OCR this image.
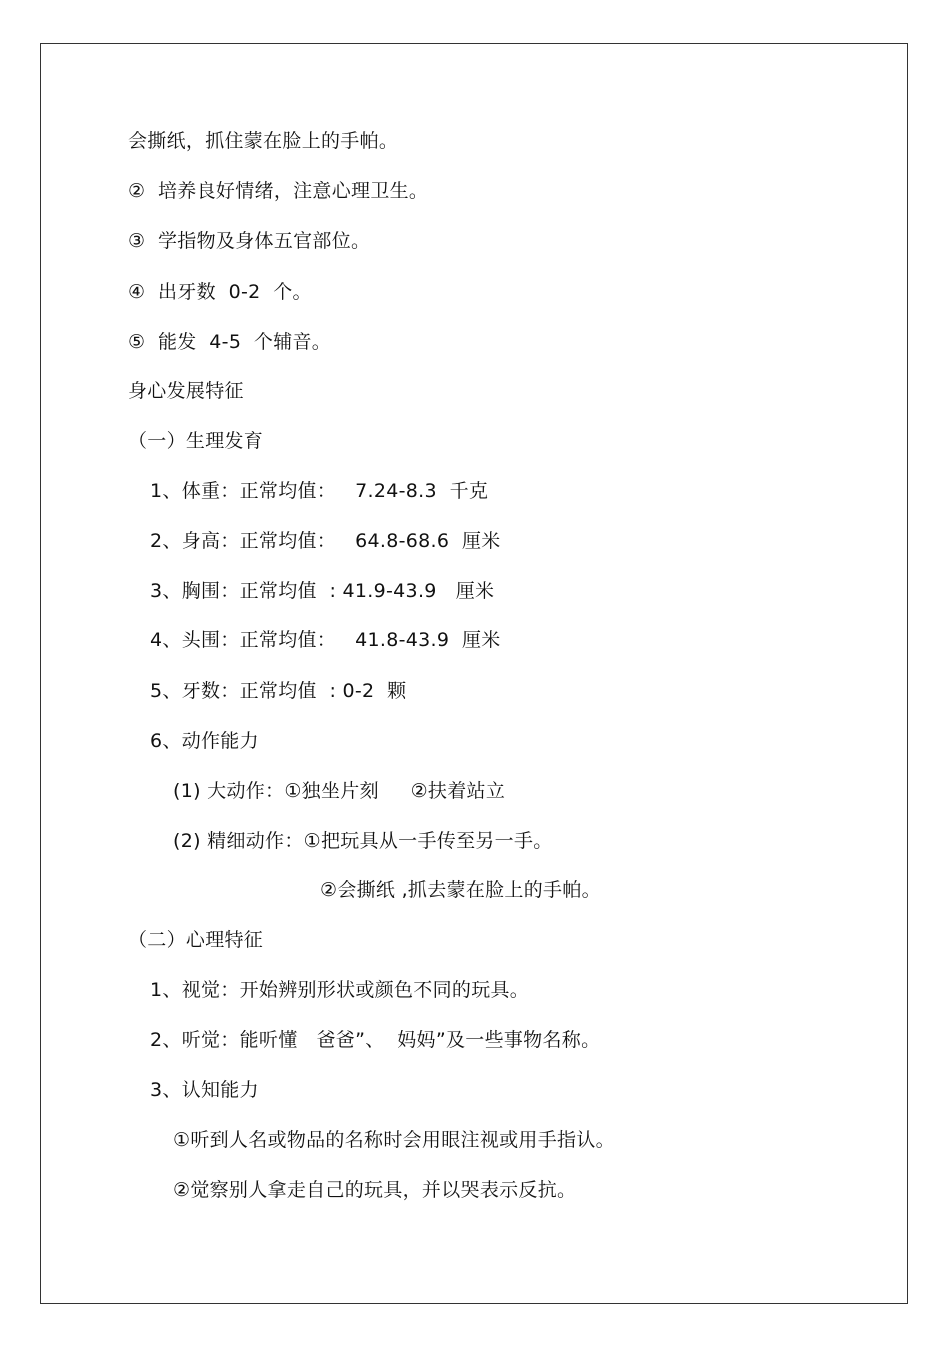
会撕纸，抓住蒙在脸上的手帕。
②  培养良好情绪，注意心理卫生。
③  学指物及身体五官部位。
④  出牙数  0-2  个。
⑤  能发  4-5  个辅音。
身心发展特征
（一）生理发育
1、体重：正常均值：   7.24-8.3  千克
2、身高：正常均值：   64.8-68.6  厘米
3、胸围：正常均值  : 41.9-43.9   厘米
4、头围：正常均值：   41.8-43.9  厘米
5、牙数：正常均值  : 0-2  颗
6、动作能力
(1) 大动作：①独坐片刻     ②扶着站立
(2) 精细动作：①把玩具从一手传至另一手。
②会撕纸 ,抓去蒙在脸上的手帕。
（二）心理特征
1、视觉：开始辨别形状或颜色不同的玩具。
2、听觉：能听懂   爸爸”、  妈妈”及一些事物名称。
3、认知能力
①听到人名或物品的名称时会用眼注视或用手指认。
②觉察别人拿走自己的玩具，并以哭表示反抗。
